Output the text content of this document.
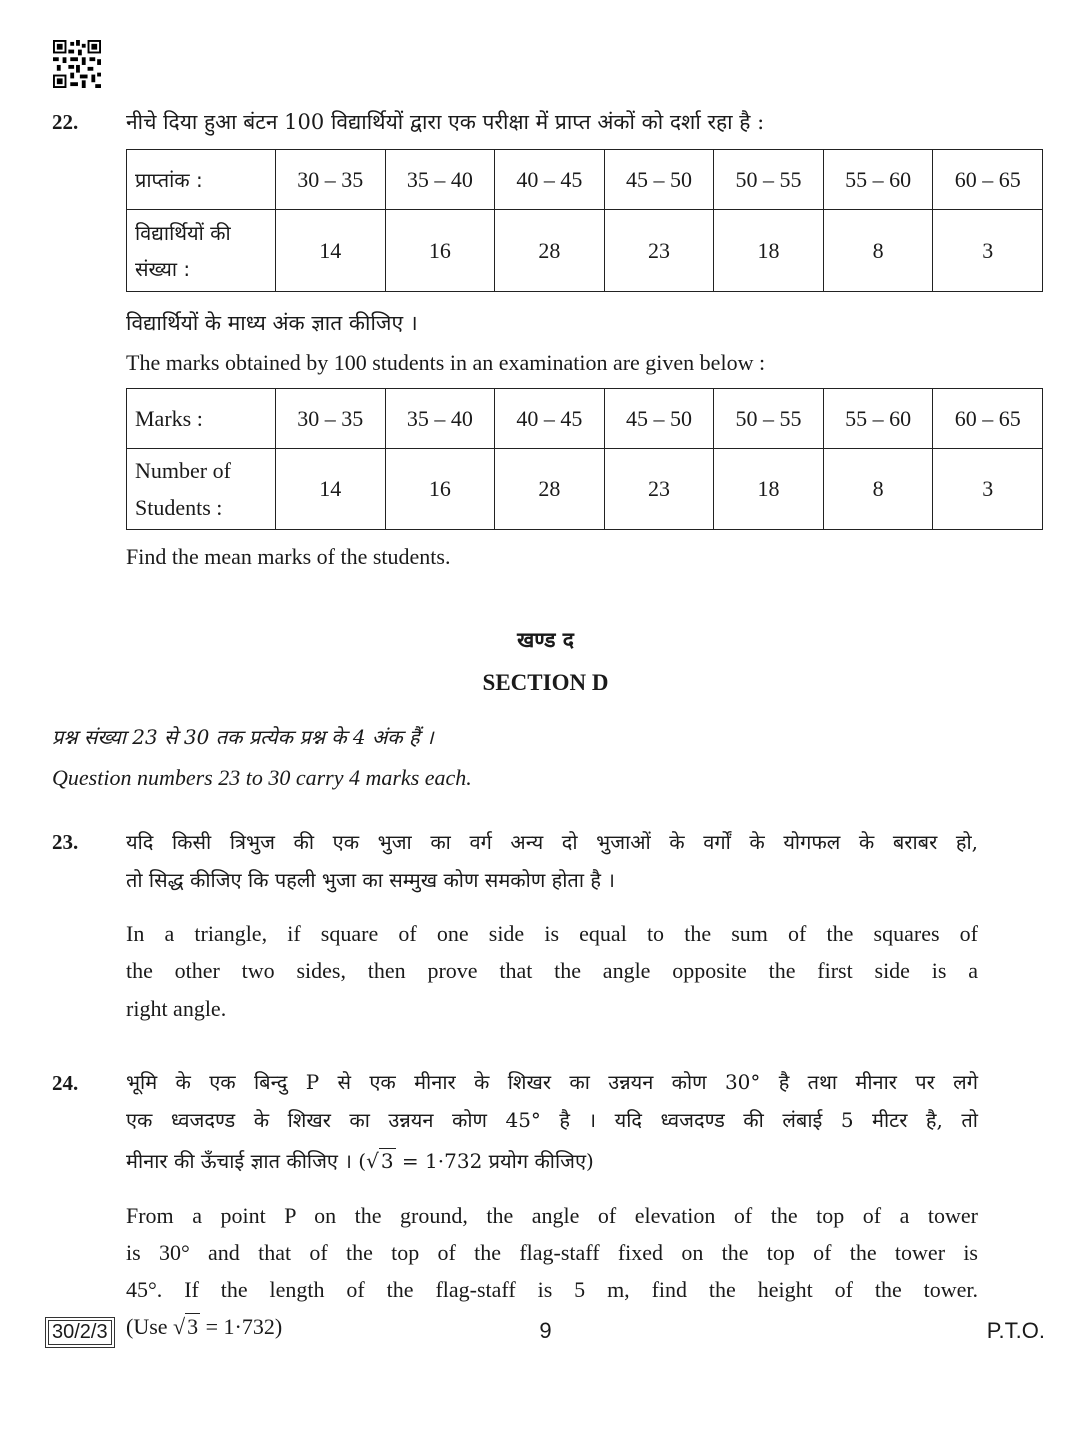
22. नीचे दिया हुआ बंटन 100 विद्यार्थियों द्वारा एक परीक्षा में प्राप्त अंकों को दर्शा रहा है :
प्राप्तांक :	30 – 35	35 – 40	40 – 45	45 – 50	50 – 55	55 – 60	60 – 65
विद्यार्थियों की संख्या :	14	16	28	23	18	8	3
विद्यार्थियों के माध्य अंक ज्ञात कीजिए ।
The marks obtained by 100 students in an examination are given below :
Marks :	30 – 35	35 – 40	40 – 45	45 – 50	50 – 55	55 – 60	60 – 65
Number of
Students :	14	16	28	23	18	8	3
Find the mean marks of the students.
खण्ड द
SECTION D
प्रश्न संख्या 23 से 30 तक प्रत्येक प्रश्न के 4 अंक हैं ।
Question numbers 23 to 30 carry 4 marks each.
23. यदि किसी त्रिभुज की एक भुजा का वर्ग अन्य दो भुजाओं के वर्गों के योगफल के बराबर हो,
तो सिद्ध कीजिए कि पहली भुजा का सम्मुख कोण समकोण होता है ।
In a triangle, if square of one side is equal to the sum of the squares of
the other two sides, then prove that the angle opposite the first side is a
right angle.
24. भूमि के एक बिन्दु P से एक मीनार के शिखर का उन्नयन कोण 30° है तथा मीनार पर लगे
एक ध्वजदण्ड के शिखर का उन्नयन कोण 45° है । यदि ध्वजदण्ड की लंबाई 5 मीटर है, तो
मीनार की ऊँचाई ज्ञात कीजिए । (√ 3 = 1·732 प्रयोग कीजिए)
From a point P on the ground, the angle of elevation of the top of a tower
is 30° and that of the top of the flag-staff fixed on the top of the tower is
45°. If the length of the flag-staff is 5 m, find the height of the tower.
(Use √3 = 1·732)
30/2/3	9	P.T.O.
